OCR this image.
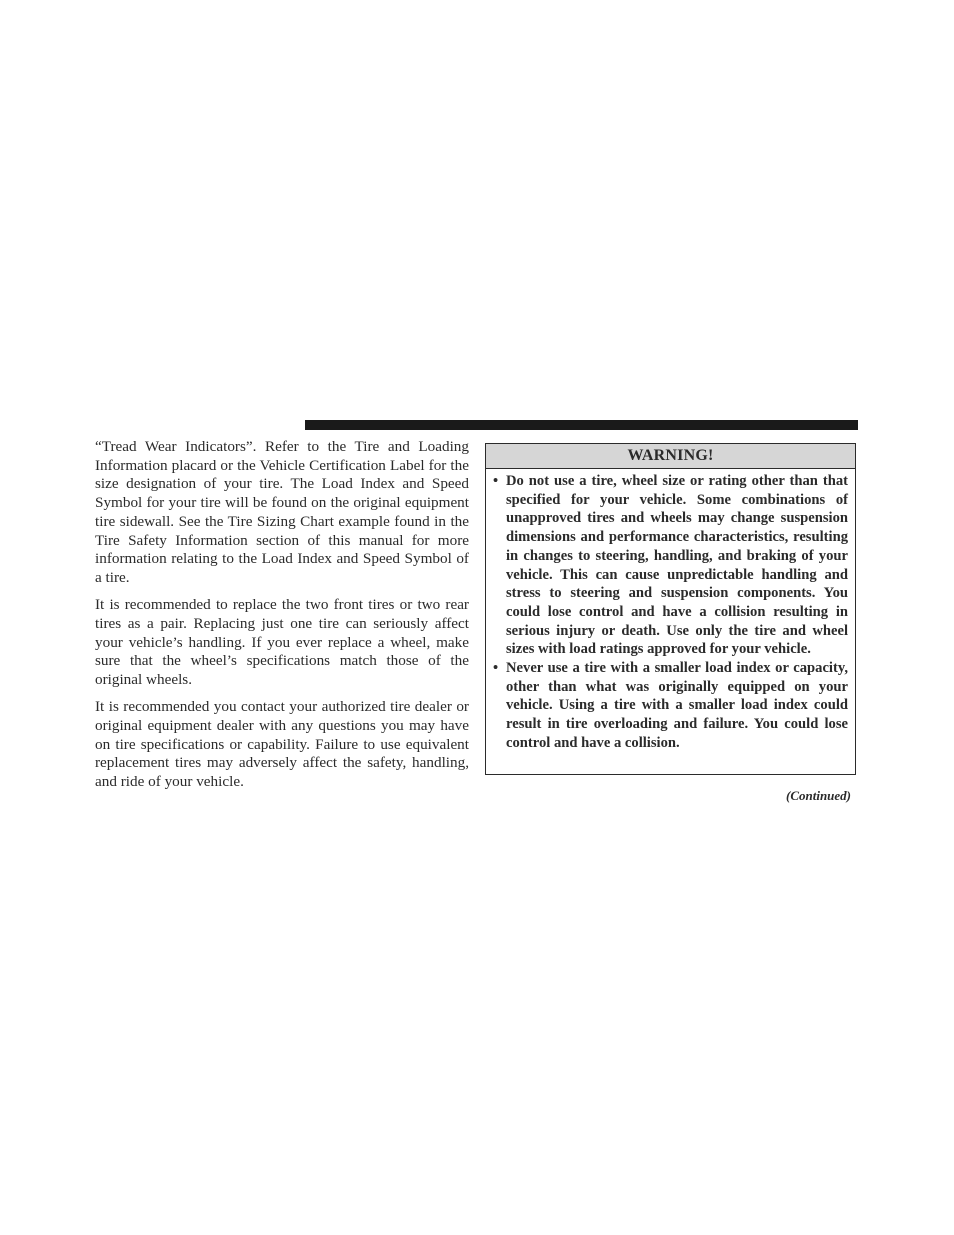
“Tread Wear Indicators”. Refer to the Tire and Loading Information placard or the Vehicle Certification Label for the size designation of your tire. The Load Index and Speed Symbol for your tire will be found on the original equipment tire sidewall. See the Tire Sizing Chart example found in the Tire Safety Information section of this manual for more information relating to the Load Index and Speed Symbol of a tire.

It is recommended to replace the two front tires or two rear tires as a pair. Replacing just one tire can seriously affect your vehicle’s handling. If you ever replace a wheel, make sure that the wheel’s specifications match those of the original wheels.

It is recommended you contact your authorized tire dealer or original equipment dealer with any questions you may have on tire specifications or capability. Failure to use equivalent replacement tires may adversely affect the safety, handling, and ride of your vehicle.

WARNING!
• Do not use a tire, wheel size or rating other than that specified for your vehicle. Some combinations of unapproved tires and wheels may change suspension dimensions and performance characteristics, resulting in changes to steering, handling, and braking of your vehicle. This can cause unpredictable handling and stress to steering and suspension components. You could lose control and have a collision resulting in serious injury or death. Use only the tire and wheel sizes with load ratings approved for your vehicle.
• Never use a tire with a smaller load index or capacity, other than what was originally equipped on your vehicle. Using a tire with a smaller load index could result in tire overloading and failure. You could lose control and have a collision.
(Continued)
